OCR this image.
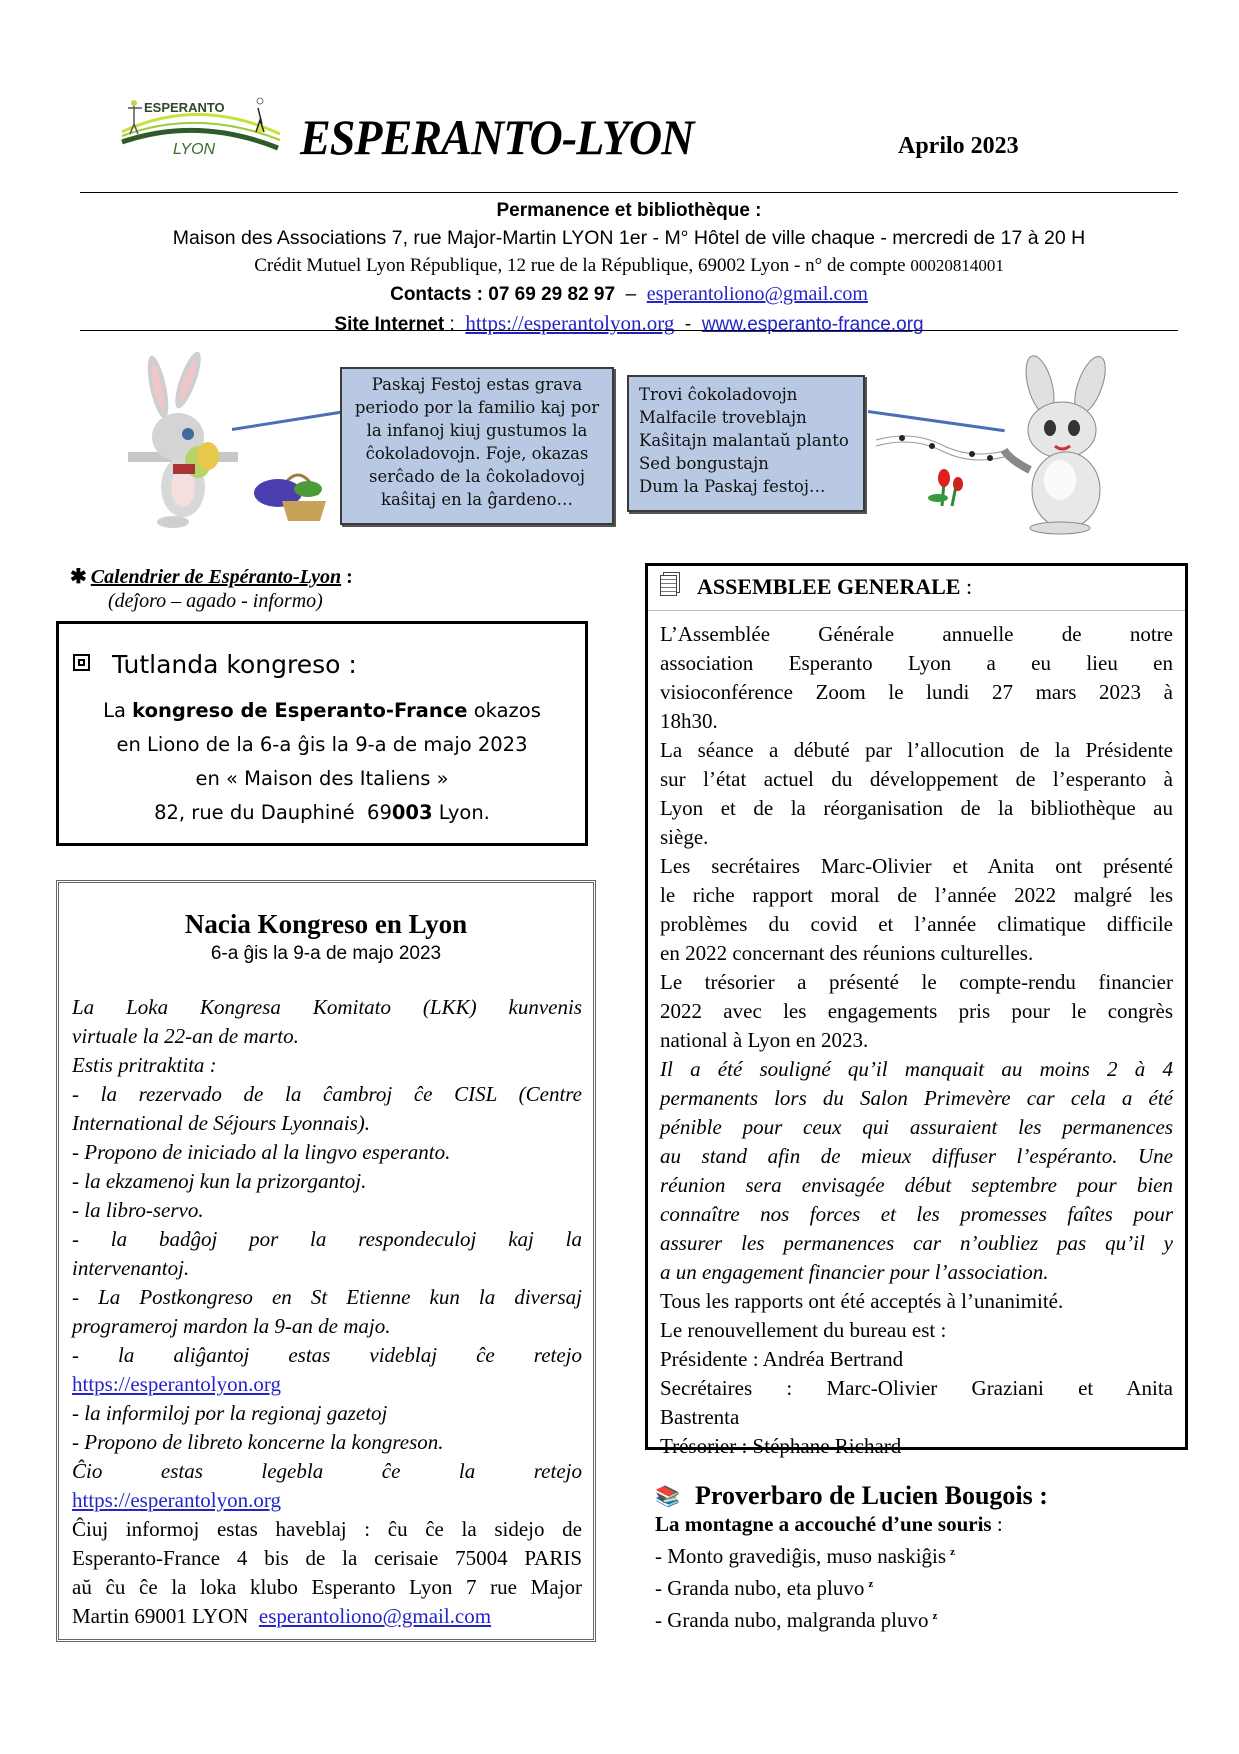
ESPERANTO
LYON ESPERANTO-LYON	Aprilo 2023
Permanence et bibliothèque :
Maison des Associations 7, rue Major-Martin LYON 1er - M° Hôtel de ville chaque - mercredi de 17 à 20 H
Crédit Mutuel Lyon République, 12 rue de la République, 69002 Lyon - n° de compte 00020814001
Contacts : 07 69 29 82 97  –  esperantoliono@gmail.com
Site Internet :  https://esperantolyon.org  -  www.esperanto-france.org
Paskaj Festoj estas grava
periodo por la familio kaj por
la infanoj kiuj gustumos la
ĉokoladovojn. Foje, okazas
serĉado de la ĉokoladovoj
kaŝitaj en la ĝardeno…
Trovi ĉokoladovojn
Malfacile troveblajn
Kaŝitajn malantaŭ planto
Sed bongustajn
Dum la Paskaj festoj…
✱ Calendrier de Espéranto-Lyon :
(deĵoro – agado - informo)
Tutlanda kongreso :
La kongreso de Esperanto-France okazos
en Liono de la 6-a ĝis la 9-a de majo 2023
en « Maison des Italiens »
82, rue du Dauphiné  69003 Lyon.
Nacia Kongreso en Lyon
6-a ĝis la 9-a de majo 2023
La Loka Kongresa Komitato (LKK) kunvenis
virtuale la 22-an de marto.
Estis pritraktita :
- la rezervado de la ĉambroj ĉe CISL (Centre
International de Séjours Lyonnais).
- Propono de iniciado al la lingvo esperanto.
- la ekzamenoj kun la prizorgantoj.
- la libro-servo.
- la badĝoj por la respondeculoj kaj la
intervenantoj.
- La Postkongreso en St Etienne kun la diversaj
programeroj mardon la 9-an de majo.
- la aliĝantoj estas videblaj ĉe retejo
https://esperantolyon.org
- la informiloj por la regionaj gazetoj
- Propono de libreto koncerne la kongreson.
Ĉio estas legebla ĉe la retejo
https://esperantolyon.org
Ĉiuj informoj estas haveblaj : ĉu ĉe la sidejo de
Esperanto-France 4 bis de la cerisaie 75004 PARIS
aŭ ĉu ĉe la loka klubo Esperanto Lyon 7 rue Major
Martin 69001 LYON  esperantoliono@gmail.com
ASSEMBLEE GENERALE :
L’Assemblée Générale annuelle de notre
association Esperanto Lyon a eu lieu en
visioconférence Zoom le lundi 27 mars 2023 à
18h30.
La séance a débuté par l’allocution de la Présidente
sur l’état actuel du développement de l’esperanto à
Lyon et de la réorganisation de la bibliothèque au
siège.
Les secrétaires Marc-Olivier et Anita ont présenté
le riche rapport moral de l’année 2022 malgré les
problèmes du covid et l’année climatique difficile
en 2022 concernant des réunions culturelles.
Le trésorier a présenté le compte-rendu financier
2022 avec les engagements pris pour le congrès
national à Lyon en 2023.
Il a été souligné qu’il manquait au moins 2 à 4
permanents lors du Salon Primevère car cela a été
pénible pour ceux qui assuraient les permanences
au stand afin de mieux diffuser l’espéranto. Une
réunion sera envisagée début septembre pour bien
connaître nos forces et les promesses faîtes pour
assurer les permanences car n’oubliez pas qu’il y
a un engagement financier pour l’association.
Tous les rapports ont été acceptés à l’unanimité.
Le renouvellement du bureau est :
Présidente : Andréa Bertrand
Secrétaires : Marc-Olivier Graziani et Anita
Bastrenta
Trésorier : Stéphane Richard
📚 Proverbaro de Lucien Bougois :
La montagne a accouché d’une souris :
- Monto gravediĝis, muso naskiĝis $^z$
- Granda nubo, eta pluvo $^z$
- Granda nubo, malgranda pluvo $^z$
